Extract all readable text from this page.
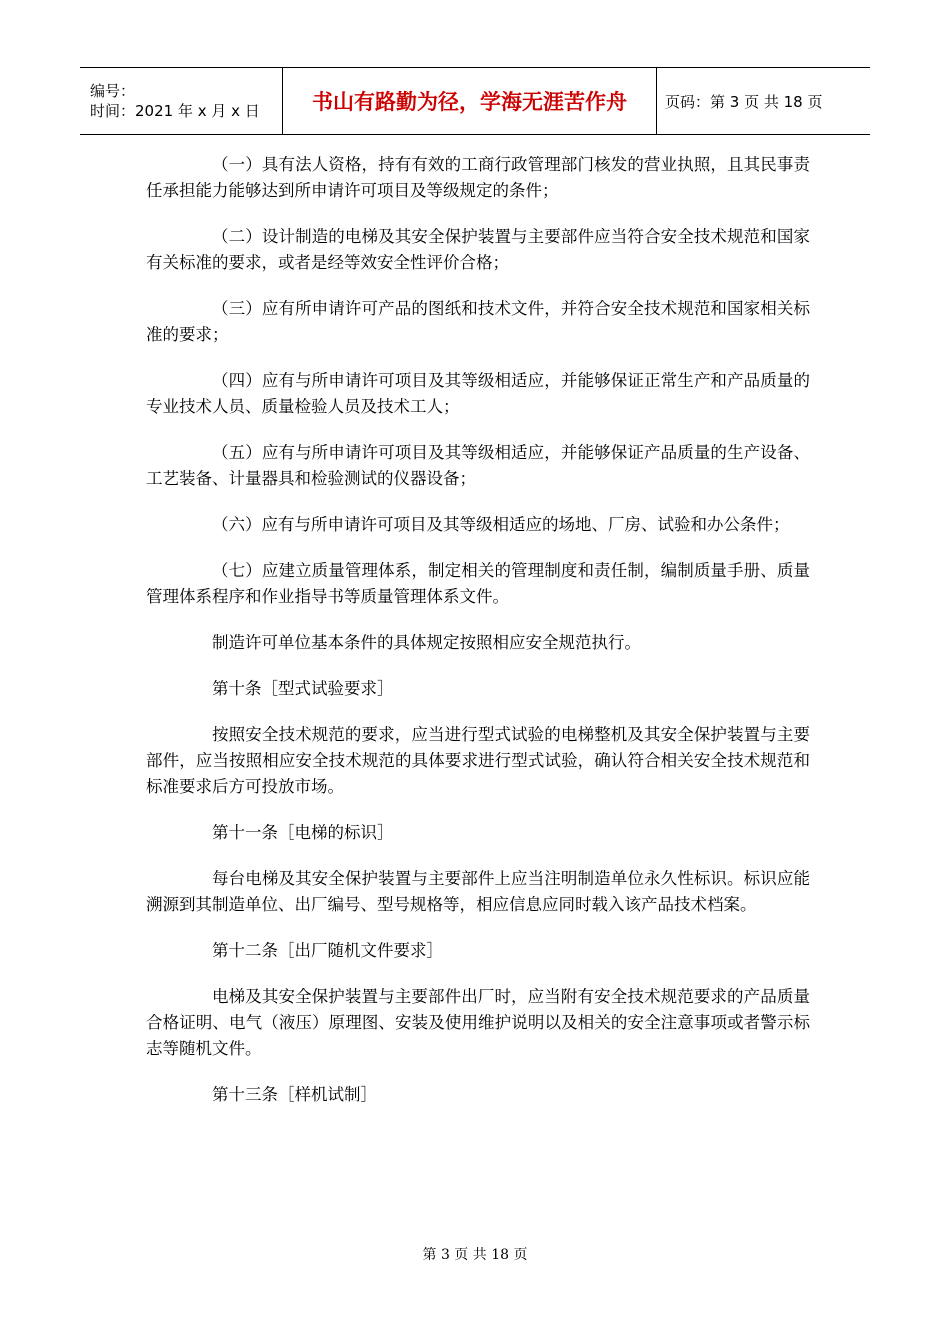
编号：
时间：2021 年 x 月 x 日	书山有路勤为径，学海无涯苦作舟	页码：第 3 页 共 18 页

（一）具有法人资格，持有有效的工商行政管理部门核发的营业执照，且其民事责任承担能力能够达到所申请许可项目及等级规定的条件；

（二）设计制造的电梯及其安全保护装置与主要部件应当符合安全技术规范和国家有关标准的要求，或者是经等效安全性评价合格；

（三）应有所申请许可产品的图纸和技术文件，并符合安全技术规范和国家相关标准的要求；

（四）应有与所申请许可项目及其等级相适应，并能够保证正常生产和产品质量的专业技术人员、质量检验人员及技术工人；

（五）应有与所申请许可项目及其等级相适应，并能够保证产品质量的生产设备、工艺装备、计量器具和检验测试的仪器设备；

（六）应有与所申请许可项目及其等级相适应的场地、厂房、试验和办公条件；

（七）应建立质量管理体系，制定相关的管理制度和责任制，编制质量手册、质量管理体系程序和作业指导书等质量管理体系文件。

制造许可单位基本条件的具体规定按照相应安全规范执行。

第十条［型式试验要求］

按照安全技术规范的要求，应当进行型式试验的电梯整机及其安全保护装置与主要部件，应当按照相应安全技术规范的具体要求进行型式试验，确认符合相关安全技术规范和标准要求后方可投放市场。

第十一条［电梯的标识］

每台电梯及其安全保护装置与主要部件上应当注明制造单位永久性标识。标识应能溯源到其制造单位、出厂编号、型号规格等，相应信息应同时载入该产品技术档案。

第十二条［出厂随机文件要求］

电梯及其安全保护装置与主要部件出厂时，应当附有安全技术规范要求的产品质量合格证明、电气（液压）原理图、安装及使用维护说明以及相关的安全注意事项或者警示标志等随机文件。

第十三条［样机试制］

第 3 页 共 18 页
